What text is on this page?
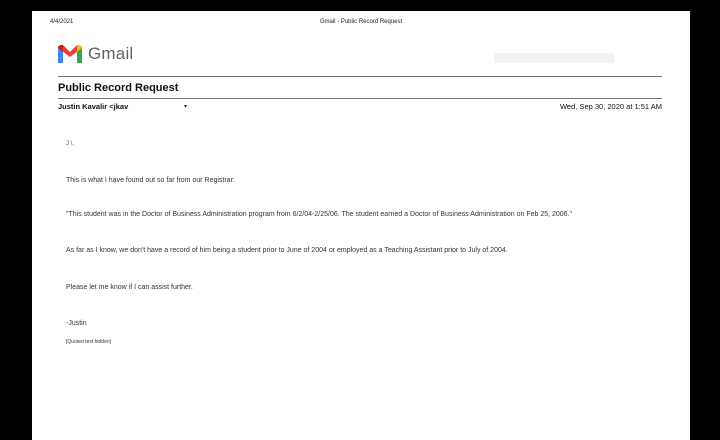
4/4/2021	Gmail - Public Record Request
Gmail
Public Record Request
Justin Kavalir <jkav	▾	Wed, Sep 30, 2020 at 1:51 AM
J \,
This is what I have found out so far from our Registrar:
"This student was in the Doctor of Business Administration program from 6/2/04-2/25/06. The student earned a Doctor of Business Administration on Feb 25, 2006."
As far as I know, we don't have a record of him being a student prior to June of 2004 or employed as a Teaching Assistant prior to July of 2004.
Please let me know if I can assist further.
-Justin
[Quoted text hidden]
